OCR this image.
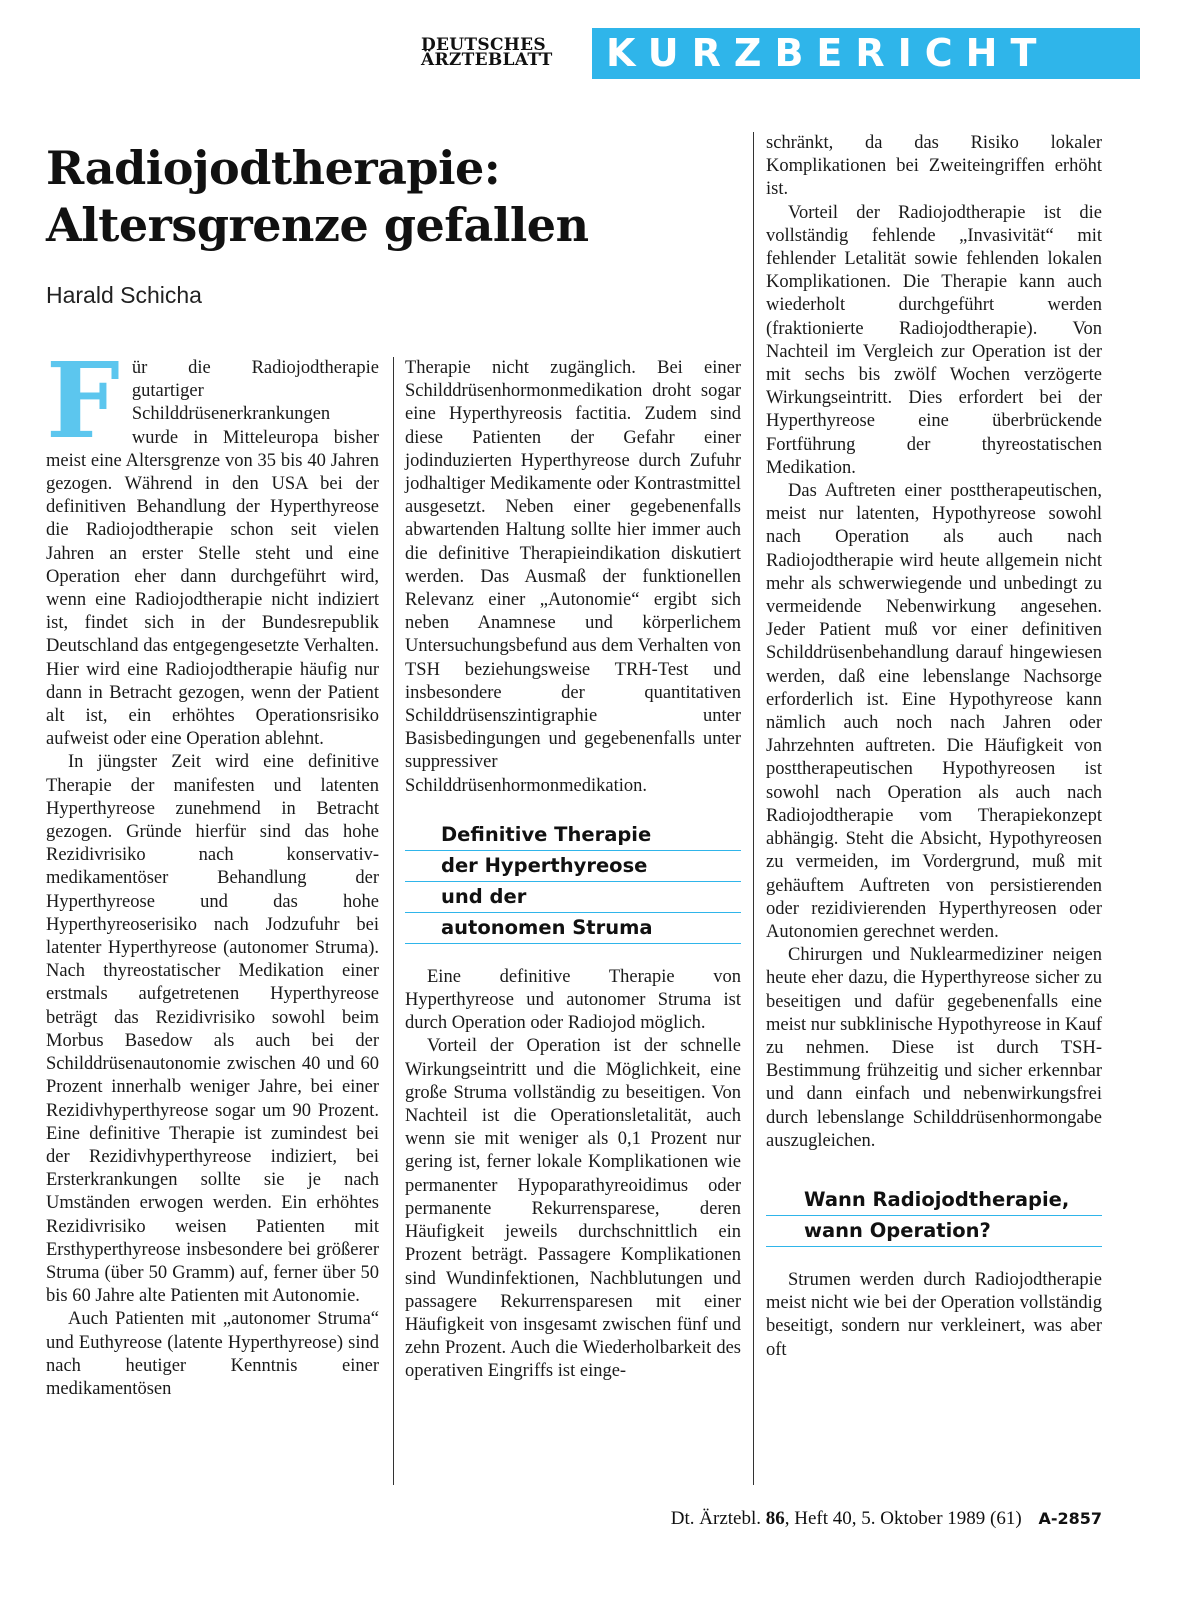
DEUTSCHES
ÄRZTEBLATT	KURZBERICHT
Radiojodtherapie:
Altersgrenze gefallen
Harald Schicha

Für die Radiojodtherapie gutartiger Schilddrüsenerkrankungen wurde in Mitteleuropa bisher meist eine Altersgrenze von 35 bis 40 Jahren gezogen. Während in den USA bei der definitiven Behandlung der Hyperthyreose die Radiojodtherapie schon seit vielen Jahren an erster Stelle steht und eine Operation eher dann durchgeführt wird, wenn eine Radiojodtherapie nicht indiziert ist, findet sich in der Bundesrepublik Deutschland das entgegengesetzte Verhalten. Hier wird eine Radiojodtherapie häufig nur dann in Betracht gezogen, wenn der Patient alt ist, ein erhöhtes Operationsrisiko aufweist oder eine Operation ablehnt.

In jüngster Zeit wird eine definitive Therapie der manifesten und latenten Hyperthyreose zunehmend in Betracht gezogen. Gründe hierfür sind das hohe Rezidivrisiko nach konservativ-medikamentöser Behandlung der Hyperthyreose und das hohe Hyperthyreoserisiko nach Jodzufuhr bei latenter Hyperthyreose (autonomer Struma). Nach thyreostatischer Medikation einer erstmals aufgetretenen Hyperthyreose beträgt das Rezidivrisiko sowohl beim Morbus Basedow als auch bei der Schilddrüsenautonomie zwischen 40 und 60 Prozent innerhalb weniger Jahre, bei einer Rezidivhyperthyreose sogar um 90 Prozent. Eine definitive Therapie ist zumindest bei der Rezidivhyperthyreose indiziert, bei Ersterkrankungen sollte sie je nach Umständen erwogen werden. Ein erhöhtes Rezidivrisiko weisen Patienten mit Ersthyperthyreose insbesondere bei größerer Struma (über 50 Gramm) auf, ferner über 50 bis 60 Jahre alte Patienten mit Autonomie.

Auch Patienten mit „autonomer Struma“ und Euthyreose (latente Hyperthyreose) sind nach heutiger Kenntnis einer medikamentösen

Therapie nicht zugänglich. Bei einer Schilddrüsenhormonmedikation droht sogar eine Hyperthyreosis factitia. Zudem sind diese Patienten der Gefahr einer jodinduzierten Hyperthyreose durch Zufuhr jodhaltiger Medikamente oder Kontrastmittel ausgesetzt. Neben einer gegebenenfalls abwartenden Haltung sollte hier immer auch die definitive Therapieindikation diskutiert werden. Das Ausmaß der funktionellen Relevanz einer „Autonomie“ ergibt sich neben Anamnese und körperlichem Untersuchungsbefund aus dem Verhalten von TSH beziehungsweise TRH-Test und insbesondere der quantitativen Schilddrüsenszintigraphie unter Basisbedingungen und gegebenenfalls unter suppressiver Schilddrüsenhormonmedikation.

Definitive Therapie
der Hyperthyreose
und der
autonomen Struma

Eine definitive Therapie von Hyperthyreose und autonomer Struma ist durch Operation oder Radiojod möglich.

Vorteil der Operation ist der schnelle Wirkungseintritt und die Möglichkeit, eine große Struma vollständig zu beseitigen. Von Nachteil ist die Operationsletalität, auch wenn sie mit weniger als 0,1 Prozent nur gering ist, ferner lokale Komplikationen wie permanenter Hypoparathyreoidimus oder permanente Rekurrensparese, deren Häufigkeit jeweils durchschnittlich ein Prozent beträgt. Passagere Komplikationen sind Wundinfektionen, Nachblutungen und passagere Rekurrensparesen mit einer Häufigkeit von insgesamt zwischen fünf und zehn Prozent. Auch die Wiederholbarkeit des operativen Eingriffs ist einge-

schränkt, da das Risiko lokaler Komplikationen bei Zweiteingriffen erhöht ist.

Vorteil der Radiojodtherapie ist die vollständig fehlende „Invasivität“ mit fehlender Letalität sowie fehlenden lokalen Komplikationen. Die Therapie kann auch wiederholt durchgeführt werden (fraktionierte Radiojodtherapie). Von Nachteil im Vergleich zur Operation ist der mit sechs bis zwölf Wochen verzögerte Wirkungseintritt. Dies erfordert bei der Hyperthyreose eine überbrückende Fortführung der thyreostatischen Medikation.

Das Auftreten einer posttherapeutischen, meist nur latenten, Hypothyreose sowohl nach Operation als auch nach Radiojodtherapie wird heute allgemein nicht mehr als schwerwiegende und unbedingt zu vermeidende Nebenwirkung angesehen. Jeder Patient muß vor einer definitiven Schilddrüsenbehandlung darauf hingewiesen werden, daß eine lebenslange Nachsorge erforderlich ist. Eine Hypothyreose kann nämlich auch noch nach Jahren oder Jahrzehnten auftreten. Die Häufigkeit von posttherapeutischen Hypothyreosen ist sowohl nach Operation als auch nach Radiojodtherapie vom Therapiekonzept abhängig. Steht die Absicht, Hypothyreosen zu vermeiden, im Vordergrund, muß mit gehäuftem Auftreten von persistierenden oder rezidivierenden Hyperthyreosen oder Autonomien gerechnet werden.

Chirurgen und Nuklearmediziner neigen heute eher dazu, die Hyperthyreose sicher zu beseitigen und dafür gegebenenfalls eine meist nur subklinische Hypothyreose in Kauf zu nehmen. Diese ist durch TSH-Bestimmung frühzeitig und sicher erkennbar und dann einfach und nebenwirkungsfrei durch lebenslange Schilddrüsenhormongabe auszugleichen.

Wann Radiojodtherapie,
wann Operation?

Strumen werden durch Radiojodtherapie meist nicht wie bei der Operation vollständig beseitigt, sondern nur verkleinert, was aber oft

Dt. Ärztebl. 86, Heft 40, 5. Oktober 1989 (61) A-2857
